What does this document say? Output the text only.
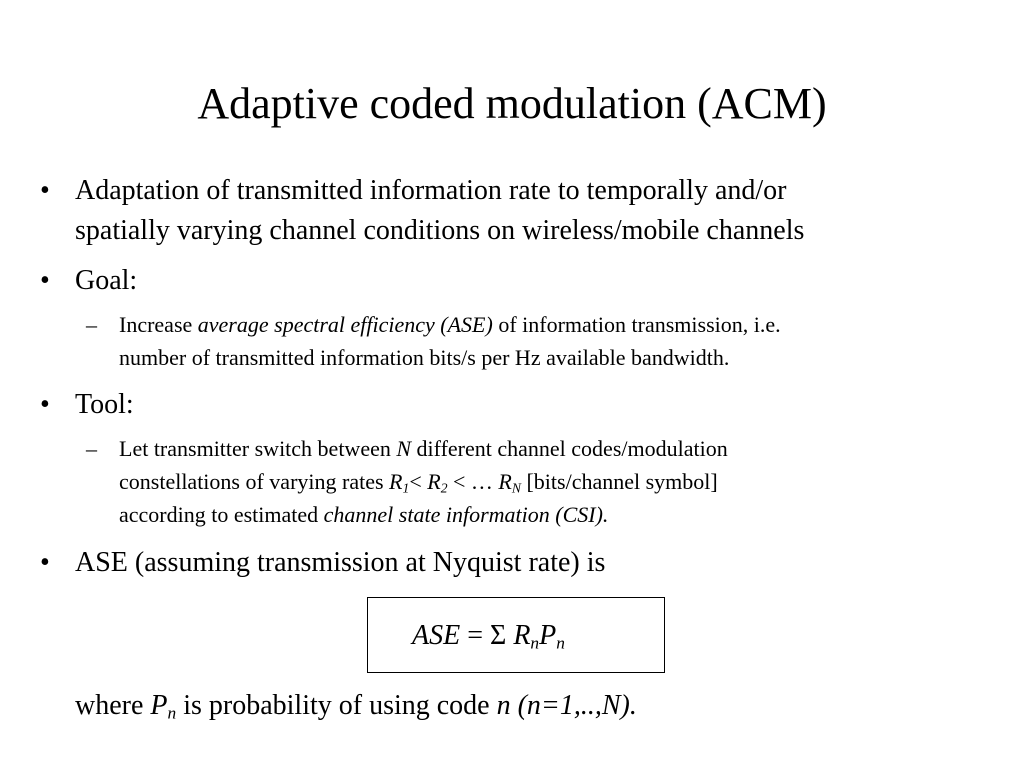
Adaptive coded modulation (ACM)
• Adaptation of transmitted information rate to temporally and/or
spatially varying channel conditions on wireless/mobile channels
• Goal:
–	Increase average spectral efficiency (ASE) of information transmission, i.e.
number of transmitted information bits/s per Hz available bandwidth.
• Tool:
–	Let transmitter switch between N different channel codes/modulation
constellations of varying rates $R_1< R_2$ < … $R_N$ [bits/channel symbol]
according to estimated channel state information (CSI).
• ASE (assuming transmission at Nyquist rate) is
ASE = Σ $R_nP_n$
where $P_n$ is probability of using code n (n=1,..,N).
